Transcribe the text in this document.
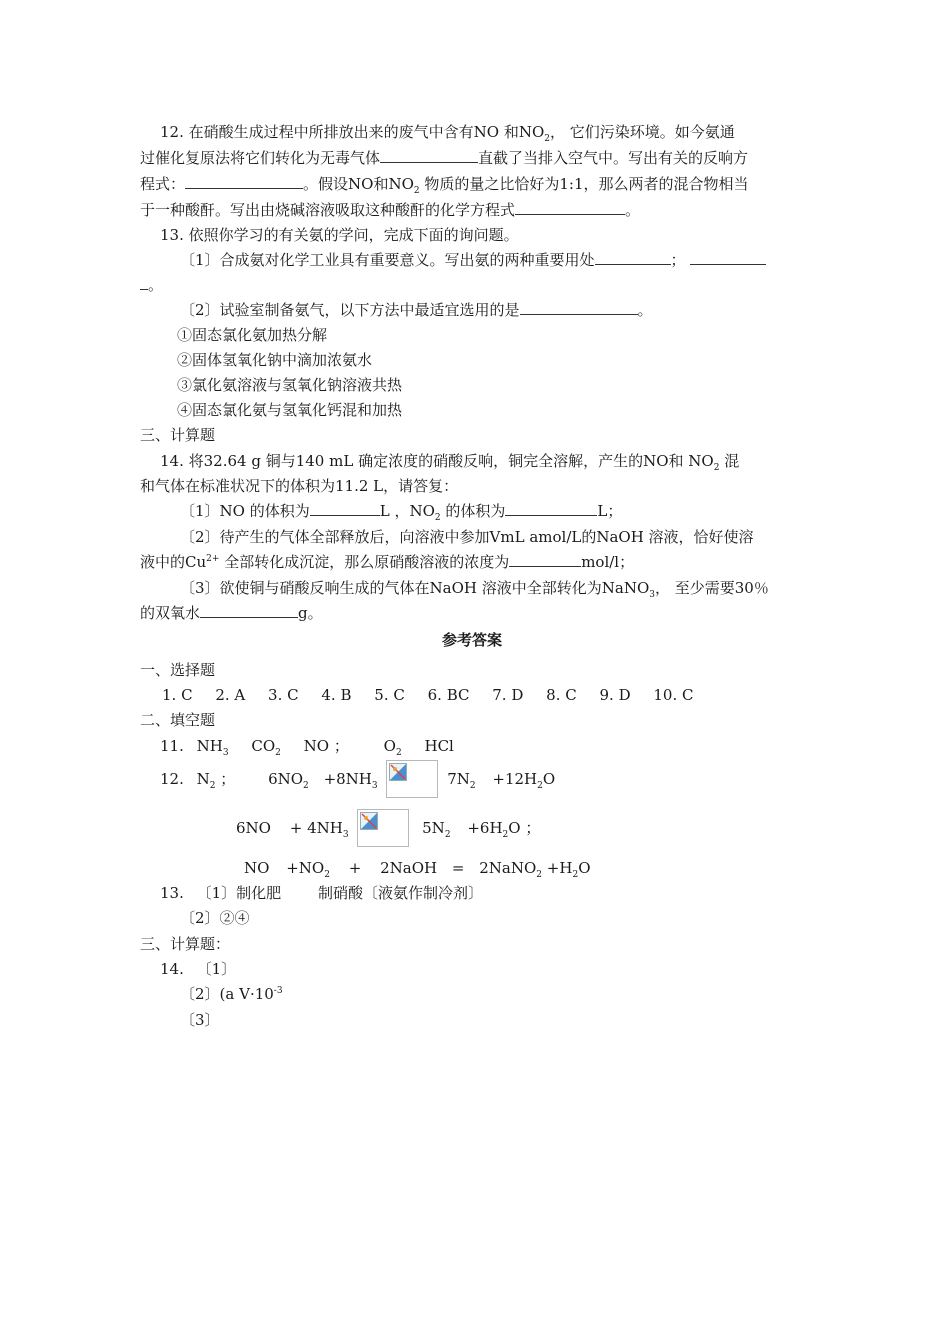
12. 在硝酸生成过程中所排放出来的废气中含有NO 和$NO_2$， 它们污染环境。如今氨通
过催化复原法将它们转化为无毒气体	直截了当排入空气中。写出有关的反响方
程式：	。假设NO和$NO_2$ 物质的量之比恰好为1:1，那么两者的混合物相当
于一种酸酐。写出由烧碱溶液吸取这种酸酐的化学方程式	。
13. 依照你学习的有关氨的学问，完成下面的询问题。
〔1〕合成氨对化学工业具有重要意义。写出氨的两种重要用处	；
。
〔2〕试验室制备氨气，以下方法中最适宜选用的是	。
①固态氯化氨加热分解
②固体氢氧化钠中滴加浓氨水
③氯化氨溶液与氢氧化钠溶液共热
④固态氯化氨与氢氧化钙混和加热
三、计算题
14. 将32.64 g 铜与140 mL 确定浓度的硝酸反响，铜完全溶解，产生的NO和 $NO_2$ 混
和气体在标准状况下的体积为11.2 L，请答复：
〔1〕NO 的体积为	L ，$NO_2$ 的体积为	L；
〔2〕待产生的气体全部释放后，向溶液中参加VmL amol/L的NaOH 溶液，恰好使溶
液中的$Cu^{2+}$ 全部转化成沉淀，那么原硝酸溶液的浓度为	mol/l；
〔3〕欲使铜与硝酸反响生成的气体在NaOH 溶液中全部转化为NaNO$_3$， 至少需要30％
的双氧水	g。
参考答案
一、选择题
1. C 2. A 3. C 4. B 5. C 6. BC 7. D 8. C 9. D 10. C
二、填空题
11. $NH_3$ $CO_2$ NO ； $O_2$ HCl
12. $N_2$ ； $6NO_2 +8NH_3$	$7N_2 +12H_2O$
$6NO + 4NH_3$	$5N_2 +6H_2O$ ；
NO $+NO_2$ + 2NaOH = 2NaNO$_2$ $+H_2O$
13. 〔1〕制化肥 制硝酸〔液氨作制冷剂〕
〔2〕②④
三、计算题：
14. 〔1〕
〔2〕(a $V\cdot 10^{-3}$
〔3〕
